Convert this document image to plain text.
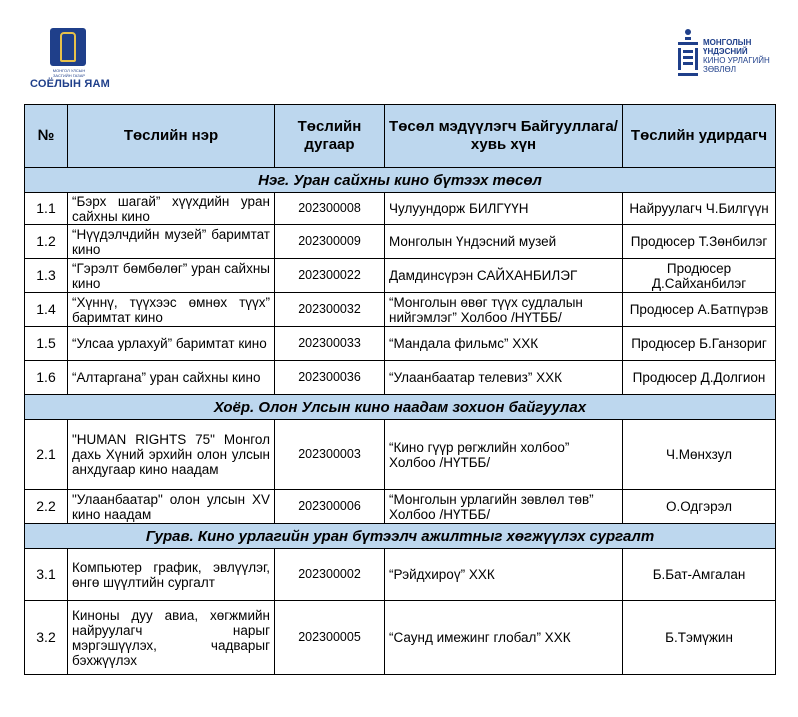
МОНГОЛ УЛСЫН ЗАСГИЙН ГАЗАР
СОЁЛЫН ЯАМ
МОНГОЛЫН
ҮНДЭСНИЙ
КИНО УРЛАГИЙН
ЗӨВЛӨЛ
№	Төслийн нэр	Төслийн дугаар	Төсөл мэдүүлэгч Байгууллага/ хувь хүн	Төслийн удирдагч
Нэг. Уран сайхны кино бүтээх төсөл				
1.1	“Бэрх шагай” хүүхдийн уран сайхны кино	202300008	Чулуундорж БИЛГҮҮН	Найруулагч Ч.Билгүүн
1.2	“Нүүдэлчдийн музей” баримтат кино	202300009	Монголын Үндэсний музей	Продюсер Т.Зөнбилэг
1.3	“Гэрэлт бөмбөлөг” уран сайхны кино	202300022	Дамдинсүрэн САЙХАНБИЛЭГ	Продюсер Д.Сайханбилэг
1.4	“Хүннү, түүхээс өмнөх түүх” баримтат кино	202300032	“Монголын өвөг түүх судлалын нийгэмлэг” Холбоо /НҮТББ/	Продюсер А.Батпүрэв
1.5	“Улсаа урлахуй” баримтат кино	202300033	“Мандала фильмс” ХХК	Продюсер Б.Ганзориг
1.6	“Алтаргана” уран сайхны кино	202300036	“Улаанбаатар телевиз” ХХК	Продюсер Д.Долгион
Хоёр. Олон Улсын кино наадам зохион байгуулах				
2.1	"HUMAN RIGHTS 75" Монгол дахь Хүний эрхийн олон улсын анхдугаар кино наадам	202300003	“Кино гүүр рөгжлийн холбоо” Холбоо /НҮТББ/	Ч.Мөнхзул
2.2	"Улаанбаатар" олон улсын XV кино наадам	202300006	“Монголын урлагийн зөвлөл төв” Холбоо /НҮТББ/	О.Одгэрэл
Гурав. Кино урлагийн уран бүтээлч ажилтныг хөгжүүлэх сургалт				
3.1	Компьютер график, эвлүүлэг, өнгө шүүлтийн сургалт	202300002	“Рэйдхироү” ХХК	Б.Бат-Амгалан
3.2	Киноны дуу авиа, хөгжмийн найруулагч нарыг мэргэшүүлэх, чадварыг бэхжүүлэх	202300005	“Саунд имежинг глобал” ХХК	Б.Тэмүжин
